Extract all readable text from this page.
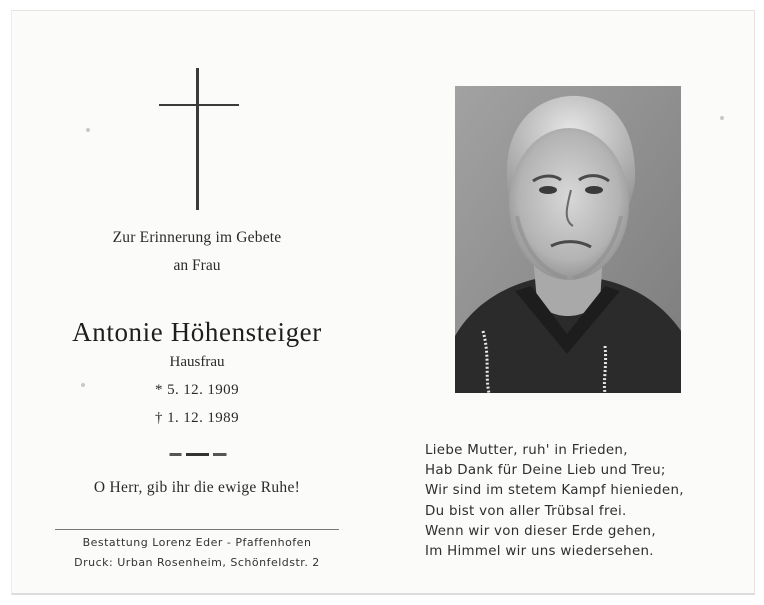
Zur Erinnerung im Gebete
an Frau
Antonie Höhensteiger
Hausfrau
* 5. 12. 1909
† 1. 12. 1989
O Herr, gib ihr die ewige Ruhe!
Bestattung Lorenz Eder - Pfaffenhofen
Druck: Urban Rosenheim, Schönfeldstr. 2
Liebe Mutter, ruh' in Frieden,
Hab Dank für Deine Lieb und Treu;
Wir sind im stetem Kampf hienieden,
Du bist von aller Trübsal frei.
Wenn wir von dieser Erde gehen,
Im Himmel wir uns wiedersehen.
